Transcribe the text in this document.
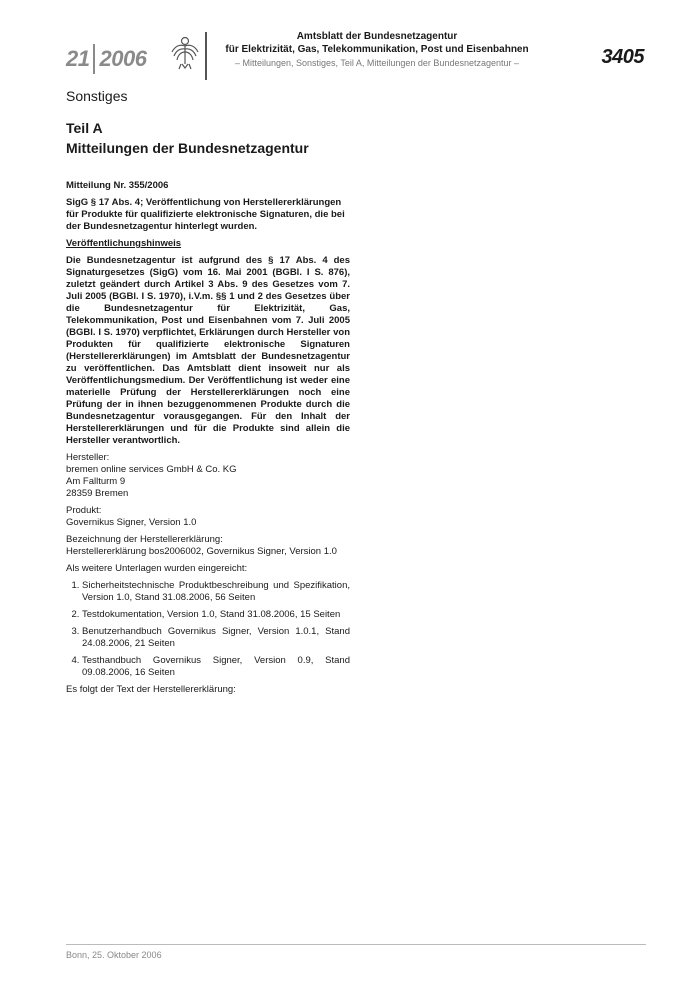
21 2006
Amtsblatt der Bundesnetzagentur
für Elektrizität, Gas, Telekommunikation, Post und Eisenbahnen
– Mitteilungen, Sonstiges, Teil A, Mitteilungen der Bundesnetzagentur –	3405
Sonstiges
Teil A
Mitteilungen der Bundesnetzagentur

Mitteilung Nr. 355/2006

SigG § 17 Abs. 4; Veröffentlichung von Herstellererklärungen für Produkte für qualifizierte elektronische Signaturen, die bei der Bundesnetzagentur hinterlegt wurden.

Veröffentlichungshinweis

Die Bundesnetzagentur ist aufgrund des § 17 Abs. 4 des Signaturgesetzes (SigG) vom 16. Mai 2001 (BGBl. I S. 876), zuletzt geändert durch Artikel 3 Abs. 9 des Gesetzes vom 7. Juli 2005 (BGBl. I S. 1970), i.V.m. §§ 1 und 2 des Gesetzes über die Bundesnetzagentur für Elektrizität, Gas, Telekommunikation, Post und Eisenbahnen vom 7. Juli 2005 (BGBl. I S. 1970) verpflichtet, Erklärungen durch Hersteller von Produkten für qualifizierte elektronische Signaturen (Herstellererklärungen) im Amtsblatt der Bundesnetzagentur zu veröffentlichen. Das Amtsblatt dient insoweit nur als Veröffentlichungsmedium. Der Veröffentlichung ist weder eine materielle Prüfung der Herstellererklärungen noch eine Prüfung der in ihnen bezuggenommenen Produkte durch die Bundesnetzagentur vorausgegangen. Für den Inhalt der Herstellererklärungen und für die Produkte sind allein die Hersteller verantwortlich.

Hersteller:
bremen online services GmbH & Co. KG
Am Fallturm 9
28359 Bremen

Produkt:
Governikus Signer, Version 1.0

Bezeichnung der Herstellererklärung:
Herstellererklärung bos2006002, Governikus Signer, Version 1.0

Als weitere Unterlagen wurden eingereicht:

1. Sicherheitstechnische Produktbeschreibung und Spezifikation, Version 1.0, Stand 31.08.2006, 56 Seiten
2. Testdokumentation, Version 1.0, Stand 31.08.2006, 15 Seiten
3. Benutzerhandbuch Governikus Signer, Version 1.0.1, Stand 24.08.2006, 21 Seiten
4. Testhandbuch Governikus Signer, Version 0.9, Stand 09.08.2006, 16 Seiten

Es folgt der Text der Herstellererklärung:

Bonn, 25. Oktober 2006
